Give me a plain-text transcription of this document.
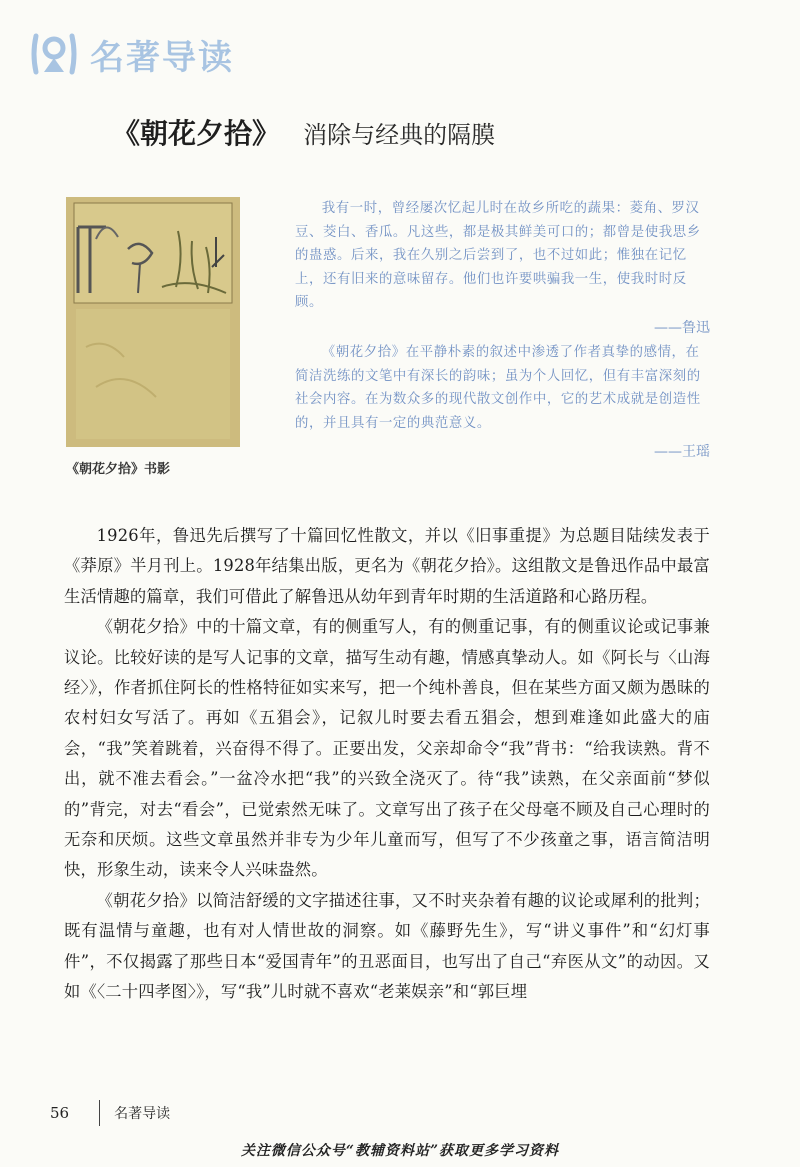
名著导读
《朝花夕拾》 消除与经典的隔膜
《朝花夕拾》书影

我有一时，曾经屡次忆起儿时在故乡所吃的蔬果：菱角、罗汉豆、茭白、香瓜。凡这些，都是极其鲜美可口的；都曾是使我思乡的蛊惑。后来，我在久别之后尝到了，也不过如此；惟独在记忆上，还有旧来的意味留存。他们也许要哄骗我一生，使我时时反顾。

——鲁迅

《朝花夕拾》在平静朴素的叙述中渗透了作者真挚的感情，在简洁洗练的文笔中有深长的韵味；虽为个人回忆，但有丰富深刻的社会内容。在为数众多的现代散文创作中，它的艺术成就是创造性的，并且具有一定的典范意义。

——王瑶

1926年，鲁迅先后撰写了十篇回忆性散文，并以《旧事重提》为总题目陆续发表于《莽原》半月刊上。1928年结集出版，更名为《朝花夕拾》。这组散文是鲁迅作品中最富生活情趣的篇章，我们可借此了解鲁迅从幼年到青年时期的生活道路和心路历程。

《朝花夕拾》中的十篇文章，有的侧重写人，有的侧重记事，有的侧重议论或记事兼议论。比较好读的是写人记事的文章，描写生动有趣，情感真挚动人。如《阿长与〈山海经〉》，作者抓住阿长的性格特征如实来写，把一个纯朴善良，但在某些方面又颇为愚昧的农村妇女写活了。再如《五猖会》，记叙儿时要去看五猖会，想到难逢如此盛大的庙会，“我”笑着跳着，兴奋得不得了。正要出发，父亲却命令“我”背书：“给我读熟。背不出，就不准去看会。”一盆冷水把“我”的兴致全浇灭了。待“我”读熟，在父亲面前“梦似的”背完，对去“看会”，已觉索然无味了。文章写出了孩子在父母毫不顾及自己心理时的无奈和厌烦。这些文章虽然并非专为少年儿童而写，但写了不少孩童之事，语言简洁明快，形象生动，读来令人兴味盎然。

《朝花夕拾》以简洁舒缓的文字描述往事，又不时夹杂着有趣的议论或犀利的批判；既有温情与童趣，也有对人情世故的洞察。如《藤野先生》，写“讲义事件”和“幻灯事件”，不仅揭露了那些日本“爱国青年”的丑恶面目，也写出了自己“弃医从文”的动因。又如《〈二十四孝图〉》，写“我”儿时就不喜欢“老莱娱亲”和“郭巨埋

56	名著导读
关注微信公众号“教辅资料站”获取更多学习资料
